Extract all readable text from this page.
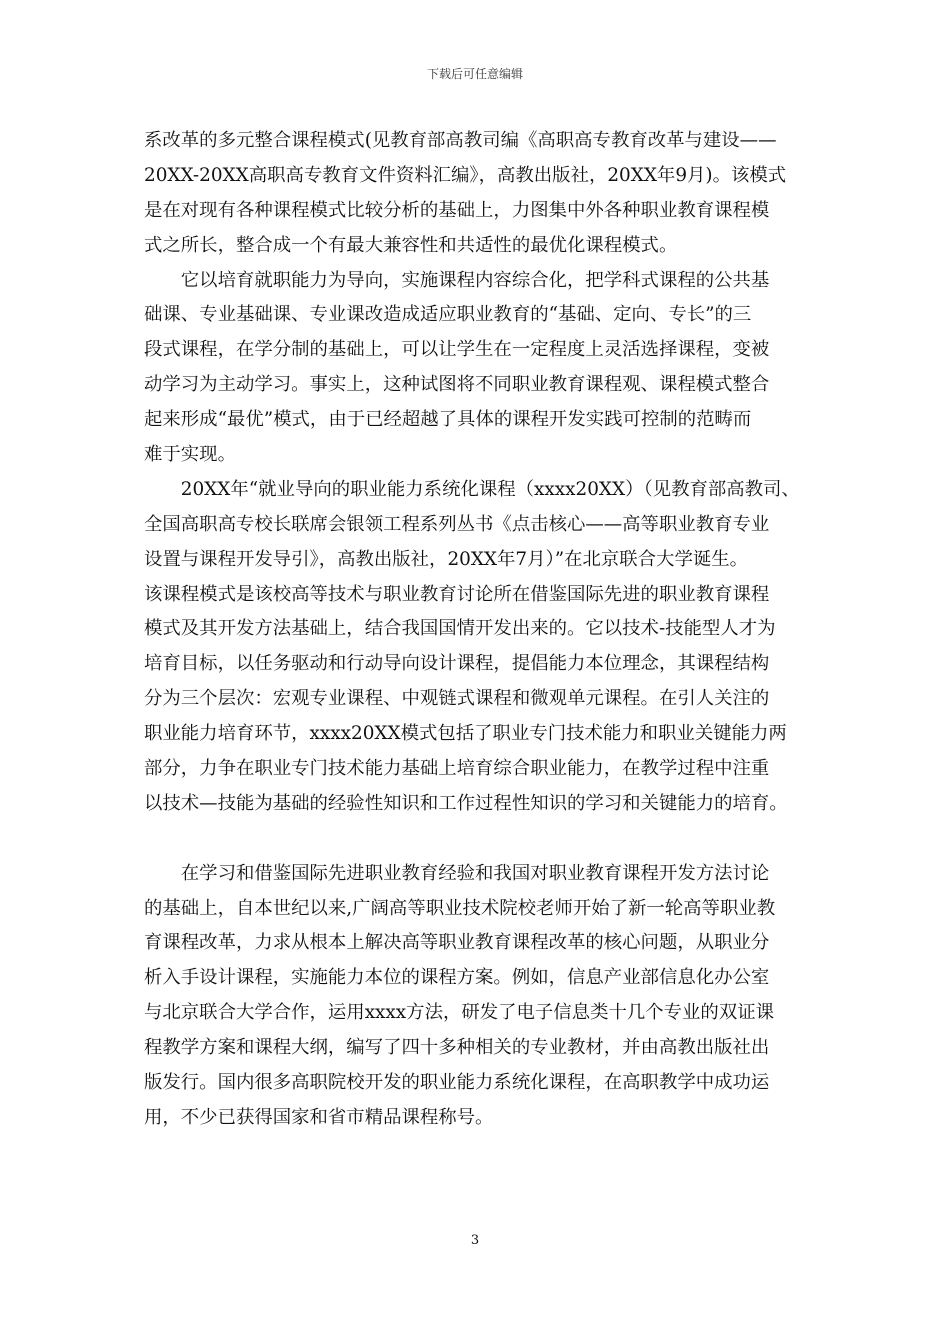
下载后可任意编辑
系改革的多元整合课程模式(见教育部高教司编《高职高专教育改革与建设——
20XX-20XX高职高专教育文件资料汇编》，高教出版社，20XX年9月)。该模式
是在对现有各种课程模式比较分析的基础上，力图集中外各种职业教育课程模
式之所长，整合成一个有最大兼容性和共适性的最优化课程模式。
　　它以培育就职能力为导向，实施课程内容综合化，把学科式课程的公共基
础课、专业基础课、专业课改造成适应职业教育的“基础、定向、专长”的三
段式课程，在学分制的基础上，可以让学生在一定程度上灵活选择课程，变被
动学习为主动学习。事实上，这种试图将不同职业教育课程观、课程模式整合
起来形成“最优”模式，由于已经超越了具体的课程开发实践可控制的范畴而
难于实现。
　　20XX年“就业导向的职业能力系统化课程（xxxx20XX）（见教育部高教司、
全国高职高专校长联席会银领工程系列丛书《点击核心——高等职业教育专业
设置与课程开发导引》，高教出版社，20XX年7月）”在北京联合大学诞生。
该课程模式是该校高等技术与职业教育讨论所在借鉴国际先进的职业教育课程
模式及其开发方法基础上，结合我国国情开发出来的。它以技术-技能型人才为
培育目标，以任务驱动和行动导向设计课程，提倡能力本位理念，其课程结构
分为三个层次：宏观专业课程、中观链式课程和微观单元课程。在引人关注的
职业能力培育环节，xxxx20XX模式包括了职业专门技术能力和职业关键能力两
部分，力争在职业专门技术能力基础上培育综合职业能力，在教学过程中注重
以技术—技能为基础的经验性知识和工作过程性知识的学习和关键能力的培育。
　　在学习和借鉴国际先进职业教育经验和我国对职业教育课程开发方法讨论
的基础上，自本世纪以来,广阔高等职业技术院校老师开始了新一轮高等职业教
育课程改革，力求从根本上解决高等职业教育课程改革的核心问题，从职业分
析入手设计课程，实施能力本位的课程方案。例如，信息产业部信息化办公室
与北京联合大学合作，运用xxxx方法，研发了电子信息类十几个专业的双证课
程教学方案和课程大纲，编写了四十多种相关的专业教材，并由高教出版社出
版发行。国内很多高职院校开发的职业能力系统化课程，在高职教学中成功运
用，不少已获得国家和省市精品课程称号。
3
